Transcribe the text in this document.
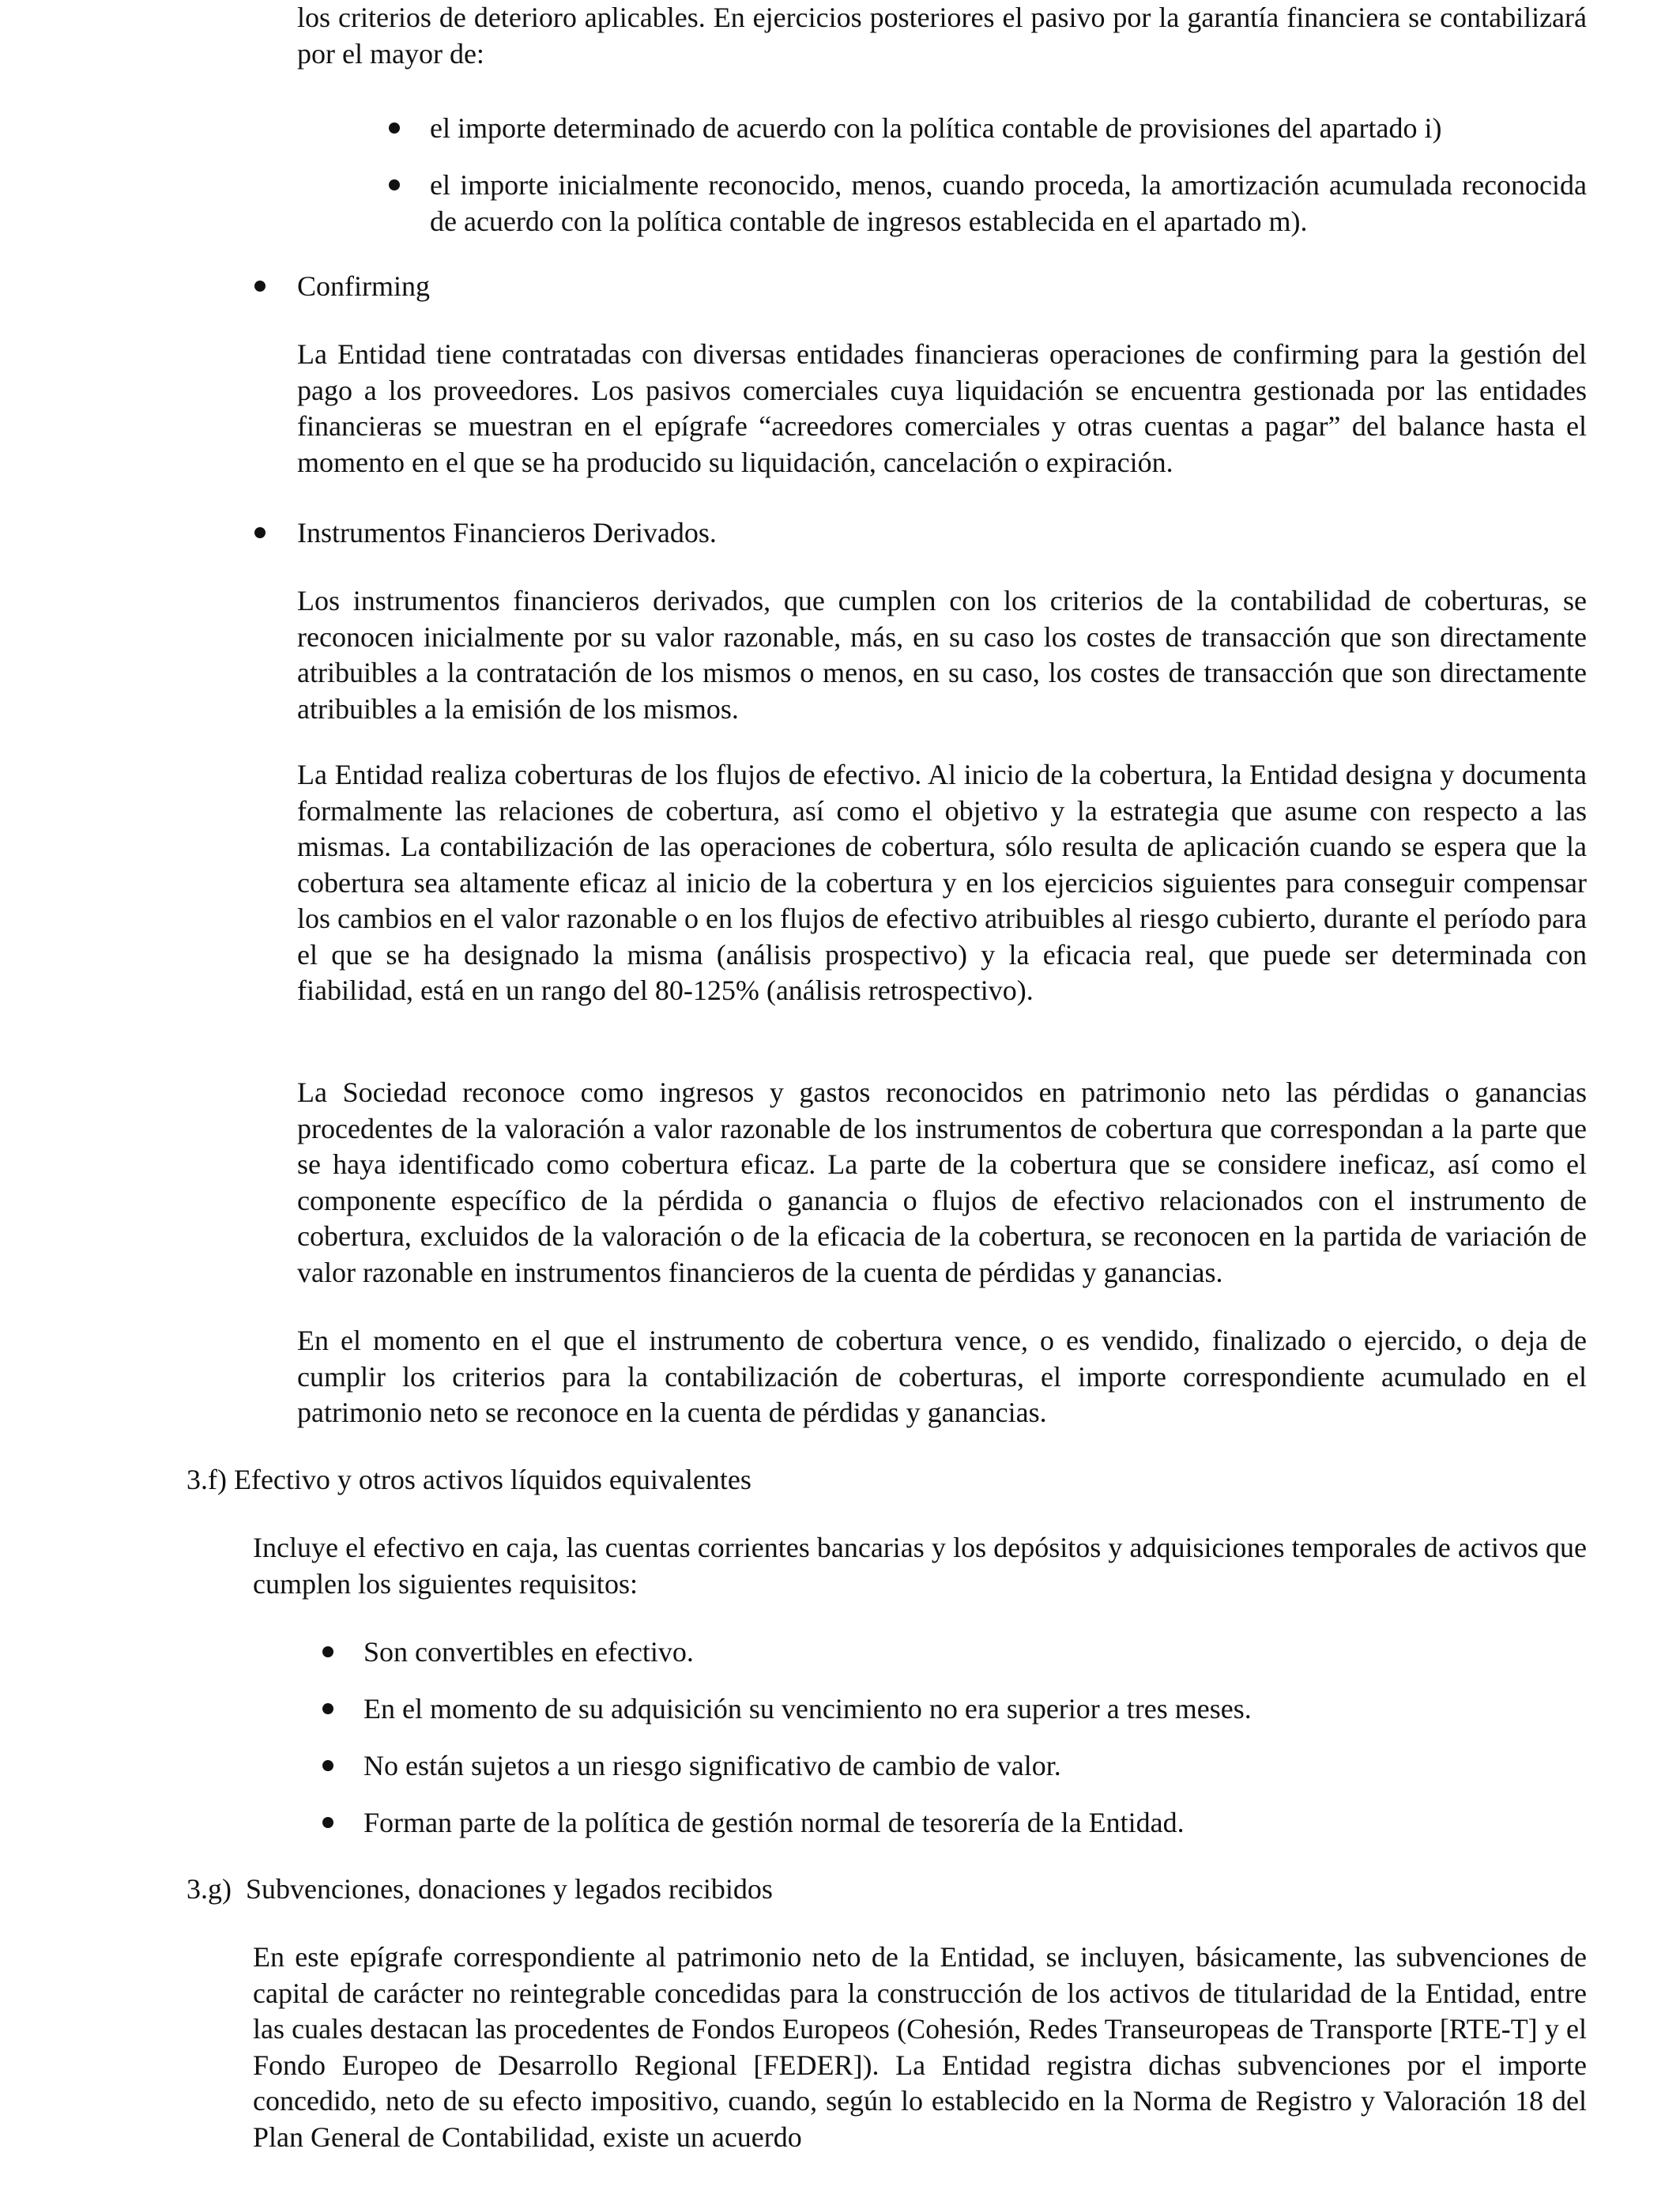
los criterios de deterioro aplicables. En ejercicios posteriores el pasivo por la garantía financiera se contabilizará por el mayor de:

el importe determinado de acuerdo con la política contable de provisiones del apartado i)

el importe inicialmente reconocido, menos, cuando proceda, la amortización acumulada reconocida de acuerdo con la política contable de ingresos establecida en el apartado m).

Confirming

La Entidad tiene contratadas con diversas entidades financieras operaciones de confirming para la gestión del pago a los proveedores. Los pasivos comerciales cuya liquidación se encuentra gestionada por las entidades financieras se muestran en el epígrafe “acreedores comerciales y otras cuentas a pagar” del balance hasta el momento en el que se ha producido su liquidación, cancelación o expiración.

Instrumentos Financieros Derivados.

Los instrumentos financieros derivados, que cumplen con los criterios de la contabilidad de coberturas, se reconocen inicialmente por su valor razonable, más, en su caso los costes de transacción que son directamente atribuibles a la contratación de los mismos o menos, en su caso, los costes de transacción que son directamente atribuibles a la emisión de los mismos.

La Entidad realiza coberturas de los flujos de efectivo. Al inicio de la cobertura, la Entidad designa y documenta formalmente las relaciones de cobertura, así como el objetivo y la estrategia que asume con respecto a las mismas. La contabilización de las operaciones de cobertura, sólo resulta de aplicación cuando se espera que la cobertura sea altamente eficaz al inicio de la cobertura y en los ejercicios siguientes para conseguir compensar los cambios en el valor razonable o en los flujos de efectivo atribuibles al riesgo cubierto, durante el período para el que se ha designado la misma (análisis prospectivo) y la eficacia real, que puede ser determinada con fiabilidad, está en un rango del 80-125% (análisis retrospectivo).

La Sociedad reconoce como ingresos y gastos reconocidos en patrimonio neto las pérdidas o ganancias procedentes de la valoración a valor razonable de los instrumentos de cobertura que correspondan a la parte que se haya identificado como cobertura eficaz. La parte de la cobertura que se considere ineficaz, así como el componente específico de la pérdida o ganancia o flujos de efectivo relacionados con el instrumento de cobertura, excluidos de la valoración o de la eficacia de la cobertura, se reconocen en la partida de variación de valor razonable en instrumentos financieros de la cuenta de pérdidas y ganancias.

En el momento en el que el instrumento de cobertura vence, o es vendido, finalizado o ejercido, o deja de cumplir los criterios para la contabilización de coberturas, el importe correspondiente acumulado en el patrimonio neto se reconoce en la cuenta de pérdidas y ganancias.

3.f) Efectivo y otros activos líquidos equivalentes

Incluye el efectivo en caja, las cuentas corrientes bancarias y los depósitos y adquisiciones temporales de activos que cumplen los siguientes requisitos:

Son convertibles en efectivo.

En el momento de su adquisición su vencimiento no era superior a tres meses.

No están sujetos a un riesgo significativo de cambio de valor.

Forman parte de la política de gestión normal de tesorería de la Entidad.

3.g)  Subvenciones, donaciones y legados recibidos

En este epígrafe correspondiente al patrimonio neto de la Entidad, se incluyen, básicamente, las subvenciones de capital de carácter no reintegrable concedidas para la construcción de los activos de titularidad de la Entidad, entre las cuales destacan las procedentes de Fondos Europeos (Cohesión, Redes Transeuropeas de Transporte [RTE-T] y el Fondo Europeo de Desarrollo Regional [FEDER]). La Entidad registra dichas subvenciones por el importe concedido, neto de su efecto impositivo, cuando, según lo establecido en la Norma de Registro y Valoración 18 del Plan General de Contabilidad, existe un acuerdo
